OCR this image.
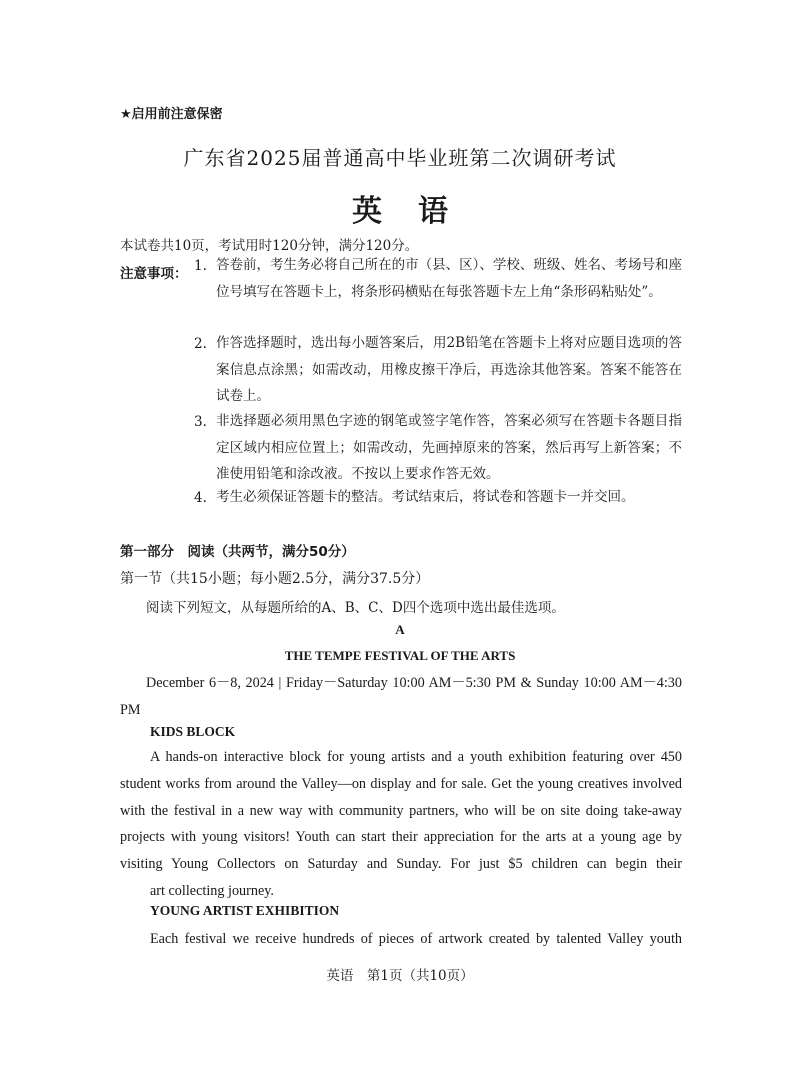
★启用前注意保密
广东省2025届普通高中毕业班第二次调研考试
英语
本试卷共10页，考试用时120分钟，满分120分。
注意事项： 1. 答卷前，考生务必将自己所在的市（县、区）、学校、班级、姓名、考场号和座位号填写在答题卡上，将条形码横贴在每张答题卡左上角“条形码粘贴处”。
2. 作答选择题时，选出每小题答案后，用2B铅笔在答题卡上将对应题目选项的答案信息点涂黑；如需改动，用橡皮擦干净后，再选涂其他答案。答案不能答在试卷上。
3. 非选择题必须用黑色字迹的钢笔或签字笔作答，答案必须写在答题卡各题目指定区域内相应位置上；如需改动，先画掉原来的答案，然后再写上新答案；不准使用铅笔和涂改液。不按以上要求作答无效。
4. 考生必须保证答题卡的整洁。考试结束后，将试卷和答题卡一并交回。
第一部分　阅读（共两节，满分50分）
第一节（共15小题；每小题2.5分，满分37.5分）
阅读下列短文，从每题所给的A、B、C、D四个选项中选出最佳选项。
A
THE TEMPE FESTIVAL OF THE ARTS
December 6－8, 2024 | Friday－Saturday 10:00 AM－5:30 PM & Sunday 10:00 AM－4:30 PM
KIDS BLOCK
A hands-on interactive block for young artists and a youth exhibition featuring over 450 student works from around the Valley—on display and for sale. Get the young creatives involved with the festival in a new way with community partners, who will be on site doing take-away projects with young visitors! Youth can start their appreciation for the arts at a young age by visiting Young Collectors on Saturday and Sunday. For just $5 children can begin their
art collecting journey.
YOUNG ARTIST EXHIBITION
Each festival we receive hundreds of pieces of artwork created by talented Valley youth
英语　第1页（共10页）
